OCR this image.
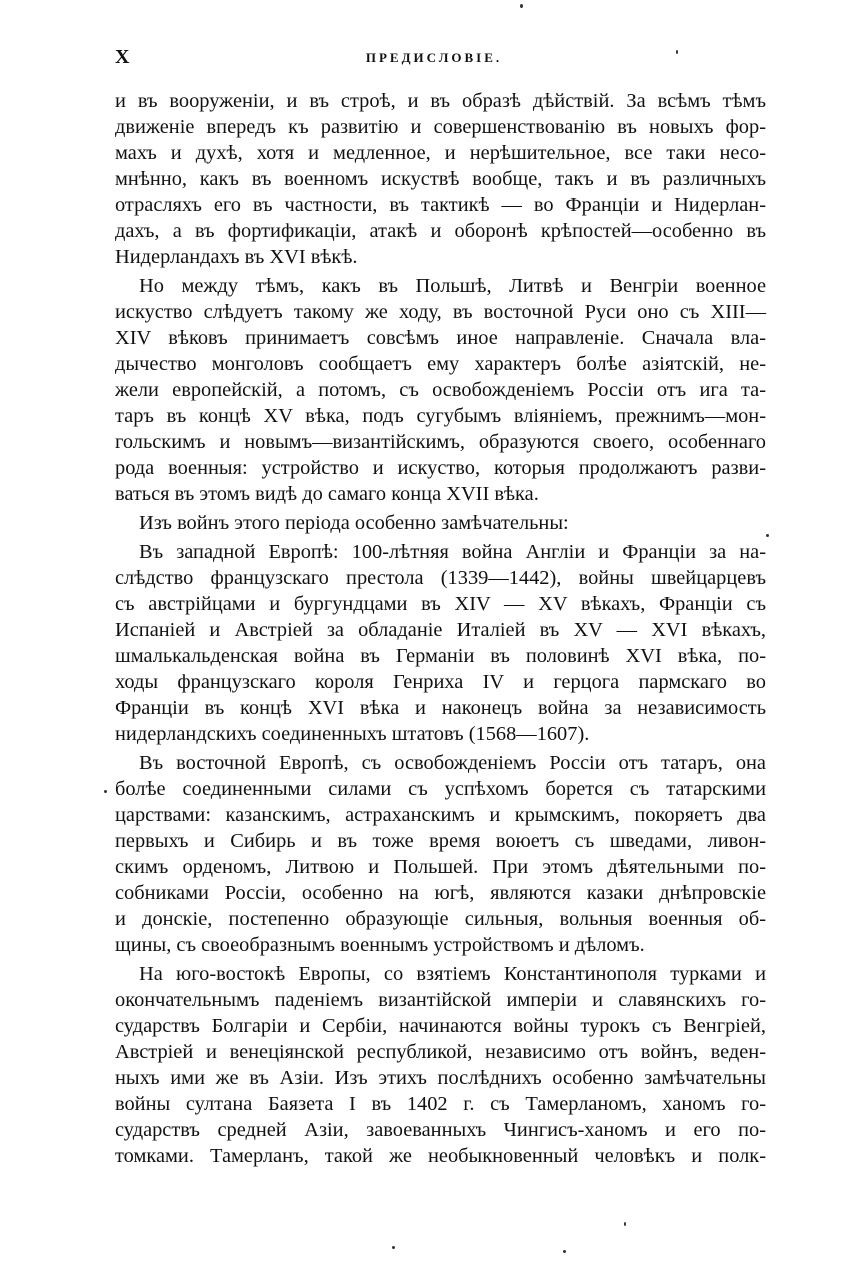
X	ПРЕДИСЛОВІЕ.
и въ вооруженіи, и въ строѣ, и въ образѣ дѣйствій. За всѣмъ тѣмъ
движеніе впередъ къ развитію и совершенствованію въ новыхъ фор-
махъ и духѣ, хотя и медленное, и нерѣшительное, все таки несо-
мнѣнно, какъ въ военномъ искуствѣ вообще, такъ и въ различныхъ
отрасляхъ его въ частности, въ тактикѣ — во Франціи и Нидерлан-
дахъ, а въ фортификаціи, атакѣ и оборонѣ крѣпостей—особенно въ
Нидерландахъ въ XVI вѣкѣ.
Но между тѣмъ, какъ въ Польшѣ, Литвѣ и Венгріи военное
искуство слѣдуетъ такому же ходу, въ восточной Руси оно съ XIII—
XIV вѣковъ принимаетъ совсѣмъ иное направленіе. Сначала вла-
дычество монголовъ сообщаетъ ему характеръ болѣе азіятскій, не-
жели европейскій, а потомъ, съ освобожденіемъ Россіи отъ ига та-
таръ въ концѣ XV вѣка, подъ сугубымъ вліяніемъ, прежнимъ—мон-
гольскимъ и новымъ—византійскимъ, образуются своего, особеннаго
рода военныя: устройство и искуство, которыя продолжаютъ разви-
ваться въ этомъ видѣ до самаго конца XVII вѣка.
Изъ войнъ этого періода особенно замѣчательны:
Въ западной Европѣ: 100-лѣтняя война Англіи и Франціи за на-
слѣдство французскаго престола (1339—1442), войны швейцарцевъ
съ австрійцами и бургундцами въ XIV — XV вѣкахъ, Франціи съ
Испаніей и Австріей за обладаніе Италіей въ XV — XVI вѣкахъ,
шмалькальденская война въ Германіи въ половинѣ XVI вѣка, по-
ходы французскаго короля Генриха IV и герцога пармскаго во
Франціи въ концѣ XVI вѣка и наконецъ война за независимость
нидерландскихъ соединенныхъ штатовъ (1568—1607).
Въ восточной Европѣ, съ освобожденіемъ Россіи отъ татаръ, она
болѣе соединенными силами съ успѣхомъ борется съ татарскими
царствами: казанскимъ, астраханскимъ и крымскимъ, покоряетъ два
первыхъ и Сибирь и въ тоже время воюетъ съ шведами, ливон-
скимъ орденомъ, Литвою и Польшей. При этомъ дѣятельными по-
собниками Россіи, особенно на югѣ, являются казаки днѣпровскіе
и донскіе, постепенно образующіе сильныя, вольныя военныя об-
щины, съ своеобразнымъ военнымъ устройствомъ и дѣломъ.
На юго-востокѣ Европы, со взятіемъ Константинополя турками и
окончательнымъ паденіемъ византійской имперіи и славянскихъ го-
сударствъ Болгаріи и Сербіи, начинаются войны турокъ съ Венгріей,
Австріей и венеціянской республикой, независимо отъ войнъ, веден-
ныхъ ими же въ Азіи. Изъ этихъ послѣднихъ особенно замѣчательны
войны султана Баязета I въ 1402 г. съ Тамерланомъ, ханомъ го-
сударствъ средней Азіи, завоеванныхъ Чингисъ-ханомъ и его по-
томками. Тамерланъ, такой же необыкновенный человѣкъ и полк-
